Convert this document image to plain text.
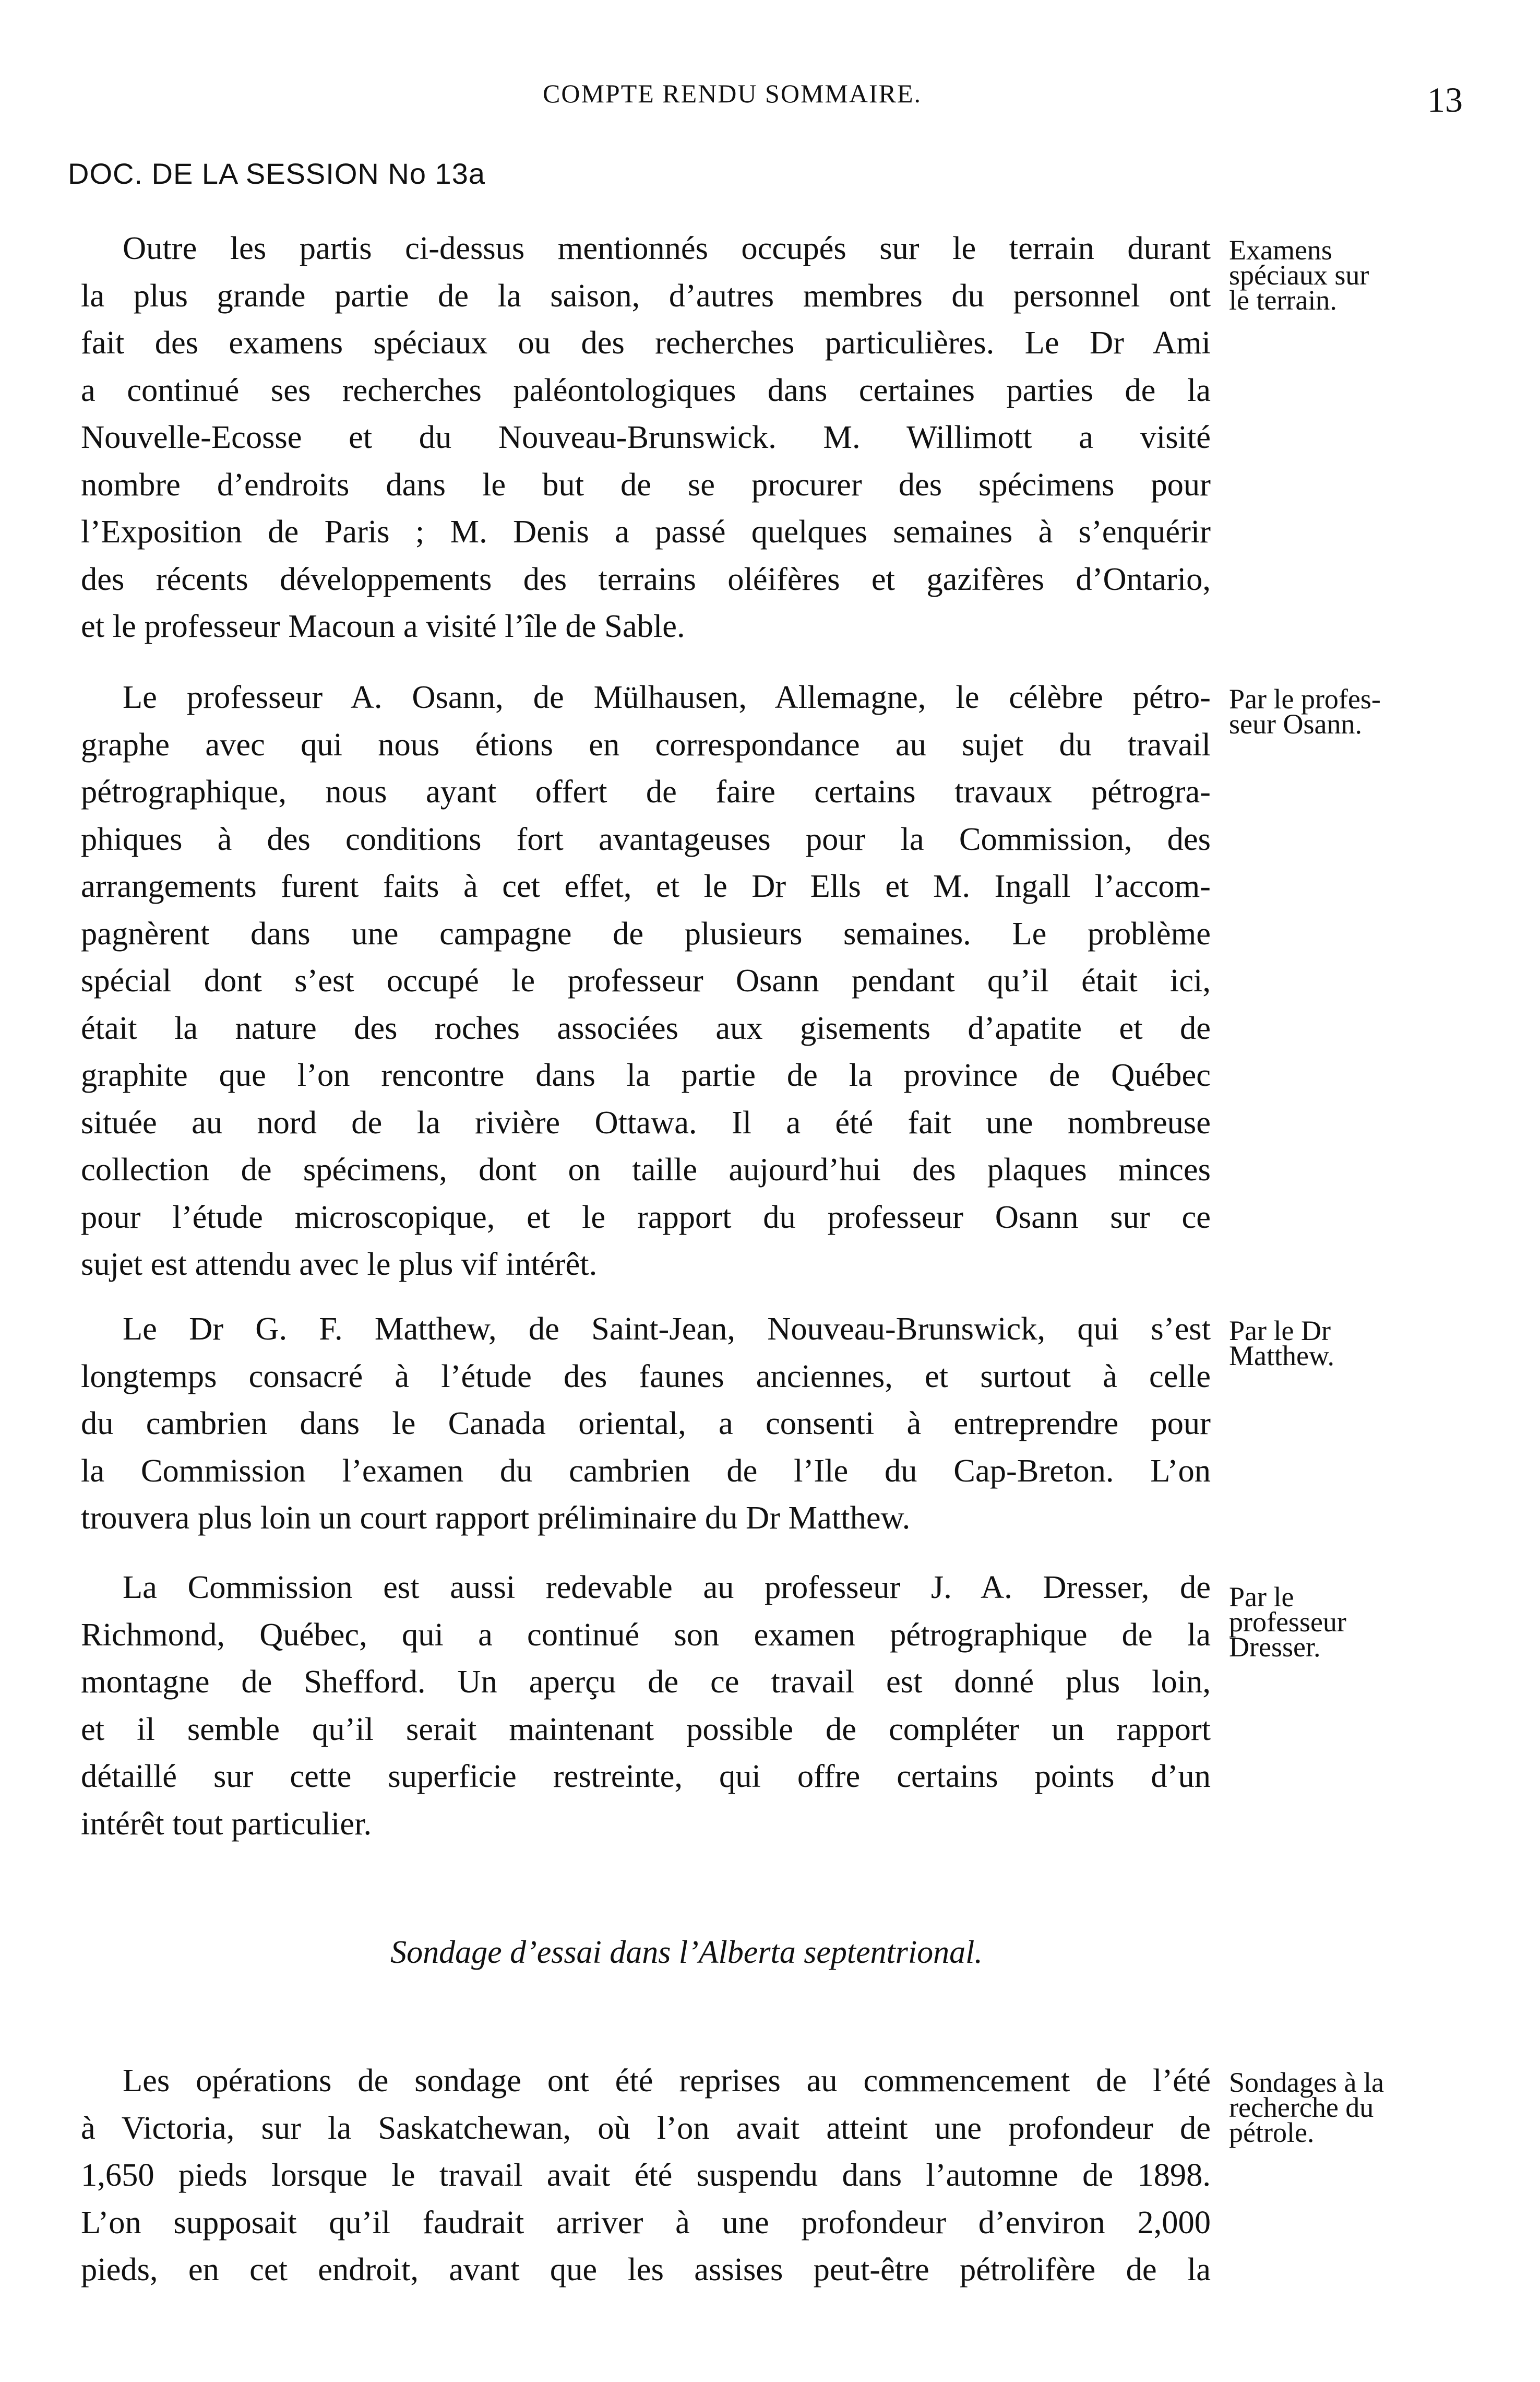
COMPTE RENDU SOMMAIRE.	13
DOC. DE LA SESSION No 13a
Outre les partis ci-dessus mentionnés occupés sur le terrain durant
la plus grande partie de la saison, d’autres membres du personnel ont
fait des examens spéciaux ou des recherches particulières. Le Dr Ami
a continué ses recherches paléontologiques dans certaines parties de la
Nouvelle-Ecosse et du Nouveau-Brunswick. M. Willimott a visité
nombre d’endroits dans le but de se procurer des spécimens pour
l’Exposition de Paris ; M. Denis a passé quelques semaines à s’enquérir
des récents développements des terrains oléifères et gazifères d’Ontario,
et le professeur Macoun a visité l’île de Sable.
Examens
spéciaux sur
le terrain.
Le professeur A. Osann, de Mülhausen, Allemagne, le célèbre pétro-
graphe avec qui nous étions en correspondance au sujet du travail
pétrographique, nous ayant offert de faire certains travaux pétrogra-
phiques à des conditions fort avantageuses pour la Commission, des
arrangements furent faits à cet effet, et le Dr Ells et M. Ingall l’accom-
pagnèrent dans une campagne de plusieurs semaines. Le problème
spécial dont s’est occupé le professeur Osann pendant qu’il était ici,
était la nature des roches associées aux gisements d’apatite et de
graphite que l’on rencontre dans la partie de la province de Québec
située au nord de la rivière Ottawa. Il a été fait une nombreuse
collection de spécimens, dont on taille aujourd’hui des plaques minces
pour l’étude microscopique, et le rapport du professeur Osann sur ce
sujet est attendu avec le plus vif intérêt.
Par le profes-
seur Osann.
Le Dr G. F. Matthew, de Saint-Jean, Nouveau-Brunswick, qui s’est
longtemps consacré à l’étude des faunes anciennes, et surtout à celle
du cambrien dans le Canada oriental, a consenti à entreprendre pour
la Commission l’examen du cambrien de l’Ile du Cap-Breton. L’on
trouvera plus loin un court rapport préliminaire du Dr Matthew.
Par le Dr
Matthew.
La Commission est aussi redevable au professeur J. A. Dresser, de
Richmond, Québec, qui a continué son examen pétrographique de la
montagne de Shefford. Un aperçu de ce travail est donné plus loin,
et il semble qu’il serait maintenant possible de compléter un rapport
détaillé sur cette superficie restreinte, qui offre certains points d’un
intérêt tout particulier.
Par le
professeur
Dresser.
Sondage d’essai dans l’Alberta septentrional.
Les opérations de sondage ont été reprises au commencement de l’été
à Victoria, sur la Saskatchewan, où l’on avait atteint une profondeur de
1,650 pieds lorsque le travail avait été suspendu dans l’automne de 1898.
L’on supposait qu’il faudrait arriver à une profondeur d’environ 2,000
pieds, en cet endroit, avant que les assises peut-être pétrolifère de la
Sondages à la
recherche du
pétrole.
